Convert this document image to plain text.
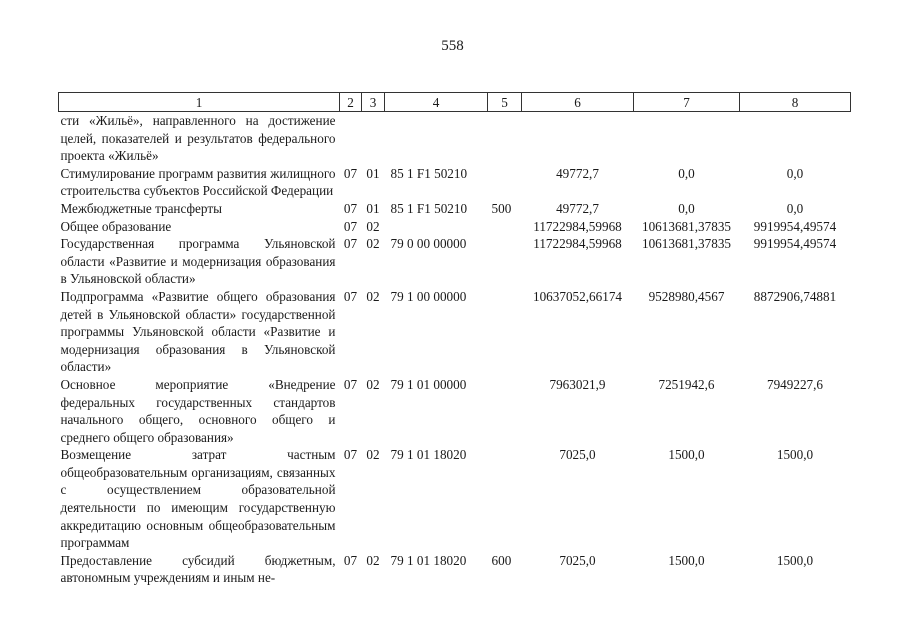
558
1	2	3	4	5	6	7	8
сти «Жильё», направленного на достижение целей, показателей и результатов федерального проекта «Жильё»							
Стимулирование программ развития жилищного строительства субъектов Российской Федерации	07	01	85 1 F1 50210		49772,7	0,0	0,0
Межбюджетные трансферты	07	01	85 1 F1 50210	500	49772,7	0,0	0,0
Общее образование	07	02			11722984,59968	10613681,37835	9919954,49574
Государственная программа Ульяновской области «Развитие и модернизация образования в Ульяновской области»	07	02	79 0 00 00000		11722984,59968	10613681,37835	9919954,49574
Подпрограмма «Развитие общего образования детей в Ульяновской области» государственной программы Ульяновской области «Развитие и модернизация образования в Ульяновской области»	07	02	79 1 00 00000		10637052,66174	9528980,4567	8872906,74881
Основное мероприятие «Внедрение федеральных государственных стандартов начального общего, основного общего и среднего общего образования»	07	02	79 1 01 00000		7963021,9	7251942,6	7949227,6
Возмещение затрат частным общеобразовательным организациям, связанных с осуществлением образовательной деятельности по имеющим государственную аккредитацию основным общеобразовательным программам	07	02	79 1 01 18020		7025,0	1500,0	1500,0
Предоставление субсидий бюджетным, автономным учреждениям и иным не-	07	02	79 1 01 18020	600	7025,0	1500,0	1500,0
